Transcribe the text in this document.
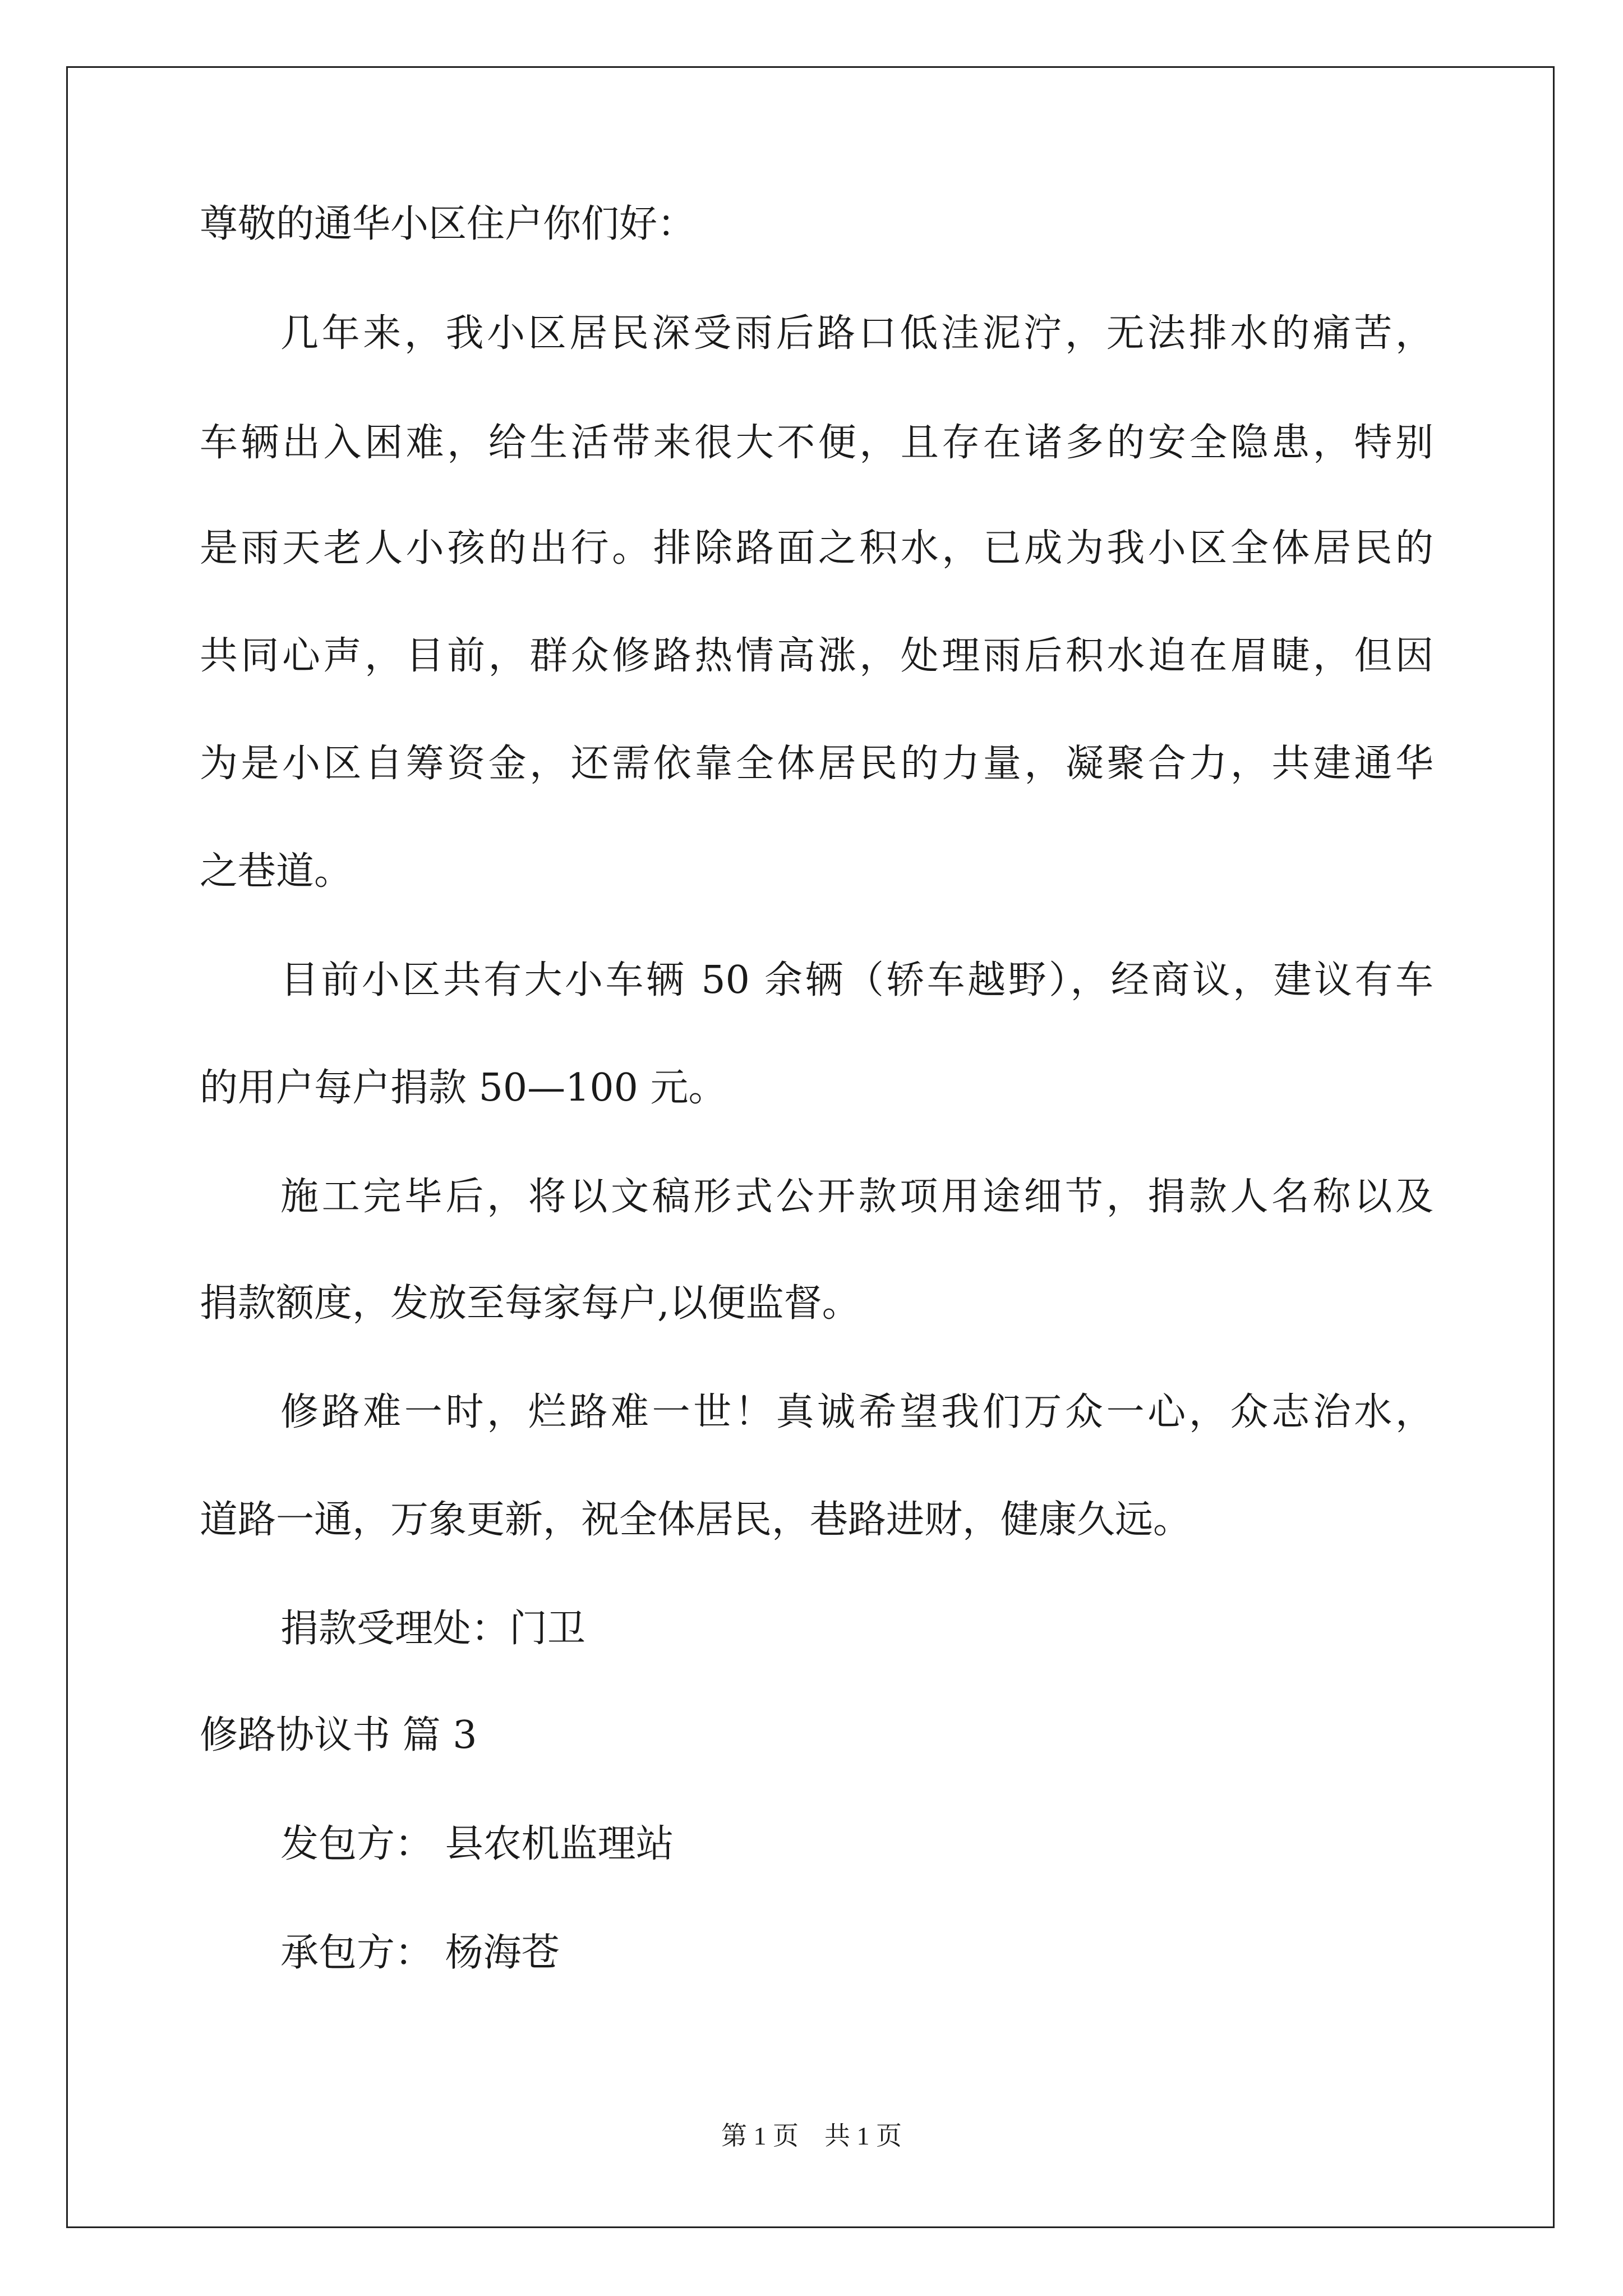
尊敬的通华小区住户你们好：

几年来，我小区居民深受雨后路口低洼泥泞，无法排水的痛苦，

车辆出入困难，给生活带来很大不便，且存在诸多的安全隐患，特别

是雨天老人小孩的出行。排除路面之积水，已成为我小区全体居民的

共同心声，目前，群众修路热情高涨，处理雨后积水迫在眉睫，但因

为是小区自筹资金，还需依靠全体居民的力量，凝聚合力，共建通华

之巷道。

目前小区共有大小车辆 50 余辆（轿车越野），经商议，建议有车

的用户每户捐款 50—100 元。

施工完毕后，将以文稿形式公开款项用途细节，捐款人名称以及

捐款额度，发放至每家每户,以便监督。

修路难一时，烂路难一世！真诚希望我们万众一心，众志治水，

道路一通，万象更新，祝全体居民，巷路进财，健康久远。

捐款受理处：门卫

修路协议书 篇 3

发包方： 县农机监理站

承包方： 杨海苍

第 1 页　共 1 页
